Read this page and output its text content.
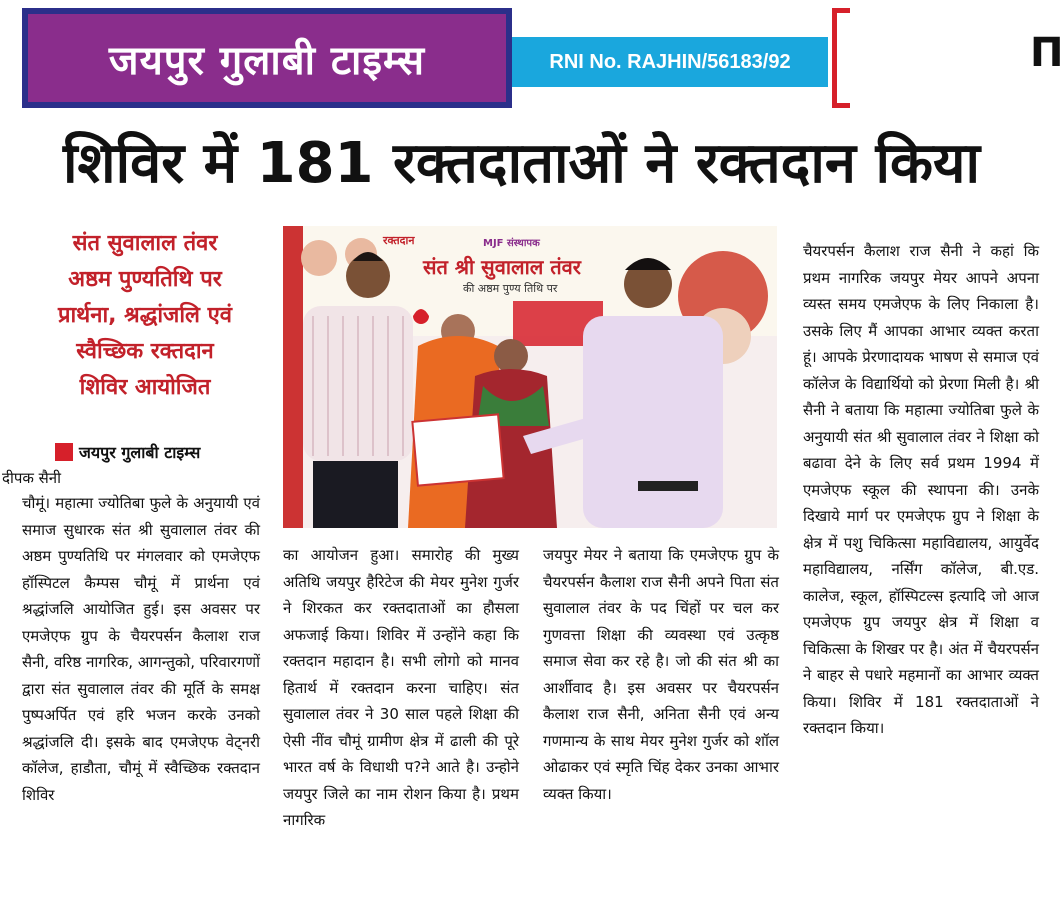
जयपुर गुलाबी टाइम्स	RNI No. RAJHIN/56183/92	П
शिविर में 181 रक्तदाताओं ने रक्तदान किया
संत सुवालाल तंवर
अष्ठम पुण्यतिथि पर
प्रार्थना, श्रद्धांजलि एवं
स्वैच्छिक रक्तदान
शिविर आयोजित
जयपुर गुलाबी टाइम्स
दीपक सैनी
रक्तदान	MJF संस्थापक
संत श्री सुवालाल तंवर
की अष्ठम पुण्य तिथि पर

चौमूं। महात्मा ज्योतिबा फुले के अनुयायी एवं समाज सुधारक संत श्री सुवालाल तंवर की अष्ठम पुण्यतिथि पर मंगलवार को एमजेएफ हॉस्पिटल कैम्पस चौमूं में प्रार्थना एवं श्रद्धांजलि आयोजित हुई। इस अवसर पर एमजेएफ ग्रुप के चैयरपर्सन कैलाश राज सैनी, वरिष्ठ नागरिक, आगन्तुको, परिवारगणों द्वारा संत सुवालाल तंवर की मूर्ति के समक्ष पुष्पअर्पित एवं हरि भजन करके उनको श्रद्धांजलि दी। इसके बाद एमजेएफ वेट्नरी कॉलेज, हाडौता, चौमूं में स्वैच्छिक रक्तदान शिविर

का आयोजन हुआ। समारोह की मुख्य अतिथि जयपुर हैरिटेज की मेयर मुनेश गुर्जर ने शिरकत कर रक्तदाताओं का हौसला अफजाई किया। शिविर में उन्होंने कहा कि रक्तदान महादान है। सभी लोगो को मानव हितार्थ में रक्तदान करना चाहिए। संत सुवालाल तंवर ने 30 साल पहले शिक्षा की ऐसी नींव चौमूं ग्रामीण क्षेत्र में ढाली की पूरे भारत वर्ष के विधाथी प?ने आते है। उन्होने जयपुर जिले का नाम रोशन किया है। प्रथम नागरिक

जयपुर मेयर ने बताया कि एमजेएफ ग्रुप के चैयरपर्सन कैलाश राज सैनी अपने पिता संत सुवालाल तंवर के पद चिंहों पर चल कर गुणवत्ता शिक्षा की व्यवस्था एवं उत्कृष्ठ समाज सेवा कर रहे है। जो की संत श्री का आर्शीवाद है। इस अवसर पर चैयरपर्सन कैलाश राज सैनी, अनिता सैनी एवं अन्य गणमान्य के साथ मेयर मुनेश गुर्जर को शॉल ओढाकर एवं स्मृति चिंह देकर उनका आभार व्यक्त किया।

चैयरपर्सन कैलाश राज सैनी ने कहां कि प्रथम नागरिक जयपुर मेयर आपने अपना व्यस्त समय एमजेएफ के लिए निकाला है। उसके लिए मैं आपका आभार व्यक्त करता हूं। आपके प्रेरणादायक भाषण से समाज एवं कॉलेज के विद्यार्थियो को प्रेरणा मिली है। श्री सैनी ने बताया कि महात्मा ज्योतिबा फुले के अनुयायी संत श्री सुवालाल तंवर ने शिक्षा को बढावा देने के लिए सर्व प्रथम 1994 में एमजेएफ स्कूल की स्थापना की। उनके दिखाये मार्ग पर एमजेएफ ग्रुप ने शिक्षा के क्षेत्र में पशु चिकित्सा महाविद्यालय, आयुर्वेद महाविद्यालय, नर्सिंग कॉलेज, बी.एड. कालेज, स्कूल, हॉस्पिटल्स इत्यादि जो आज एमजेएफ ग्रुप जयपुर क्षेत्र में शिक्षा व चिकित्सा के शिखर पर है। अंत में चैयरपर्सन ने बाहर से पधारे महमानों का आभार व्यक्त किया। शिविर में 181 रक्तदाताओं ने रक्तदान किया।
